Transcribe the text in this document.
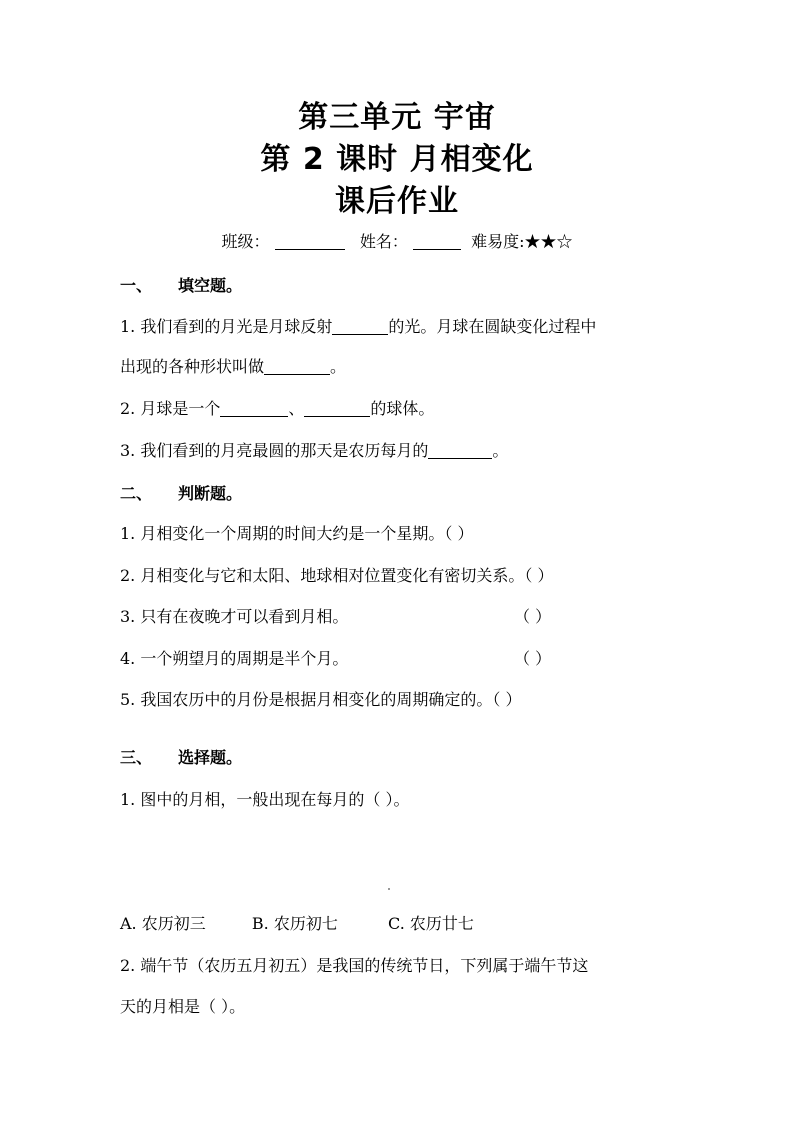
第三单元 宇宙
第 2 课时 月相变化
课后作业
班级：	姓名：	难易度:★★☆
一、 填空题。
1. 我们看到的月光是月球反射	的光。月球在圆缺变化过程中
出现的各种形状叫做	。
2. 月球是一个	、	的球体。
3. 我们看到的月亮最圆的那天是农历每月的	。
二、 判断题。
1. 月相变化一个周期的时间大约是一个星期。（ ）
2. 月相变化与它和太阳、地球相对位置变化有密切关系。（ ）
3. 只有在夜晚才可以看到月相。	（ ）
4. 一个朔望月的周期是半个月。	（ ）
5. 我国农历中的月份是根据月相变化的周期确定的。（ ）
三、 选择题。
1. 图中的月相，一般出现在每月的（ ）。
A. 农历初三	B. 农历初七	C. 农历廿七
2. 端午节（农历五月初五）是我国的传统节日，下列属于端午节这
天的月相是（ ）。
